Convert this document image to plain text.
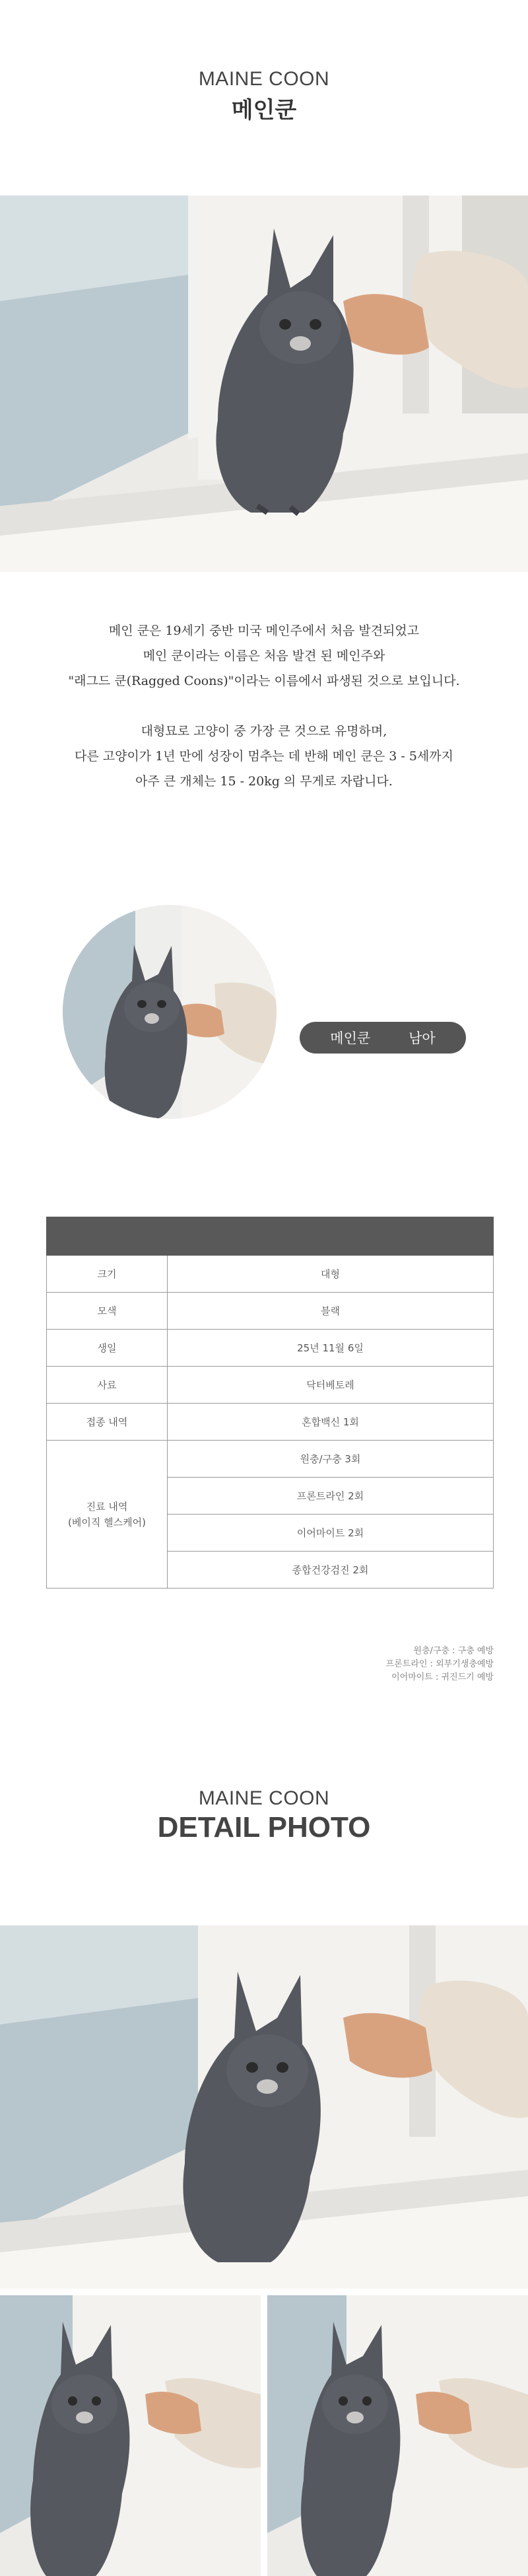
MAINE COON
메인쿤

메인 쿤은 19세기 중반 미국 메인주에서 처음 발견되었고

메인 쿤이라는 이름은 처음 발견 된 메인주와

"래그드 쿤(Ragged Coons)"이라는 이름에서 파생된 것으로 보입니다.

대형묘로 고양이 중 가장 큰 것으로 유명하며,

다른 고양이가 1년 만에 성장이 멈추는 데 반해 메인 쿤은 3 - 5세까지

아주 큰 개체는 15 - 20kg 의 무게로 자랍니다.

메인쿤	남아

크기	대형
모색	블랙
생일	25년 11월 6일
사료	닥터베토레
접종 내역	혼합백신 1회

진료 내역
(베이직 헬스케어)	원충/구충 3회
	프론트라인 2회
	이어마이트 2회
	종합건강검진 2회
원충/구충 : 구충 예방
프론트라인 : 외부기생충예방
이어마이트 : 귀진드기 예방
MAINE COON
DETAIL PHOTO
